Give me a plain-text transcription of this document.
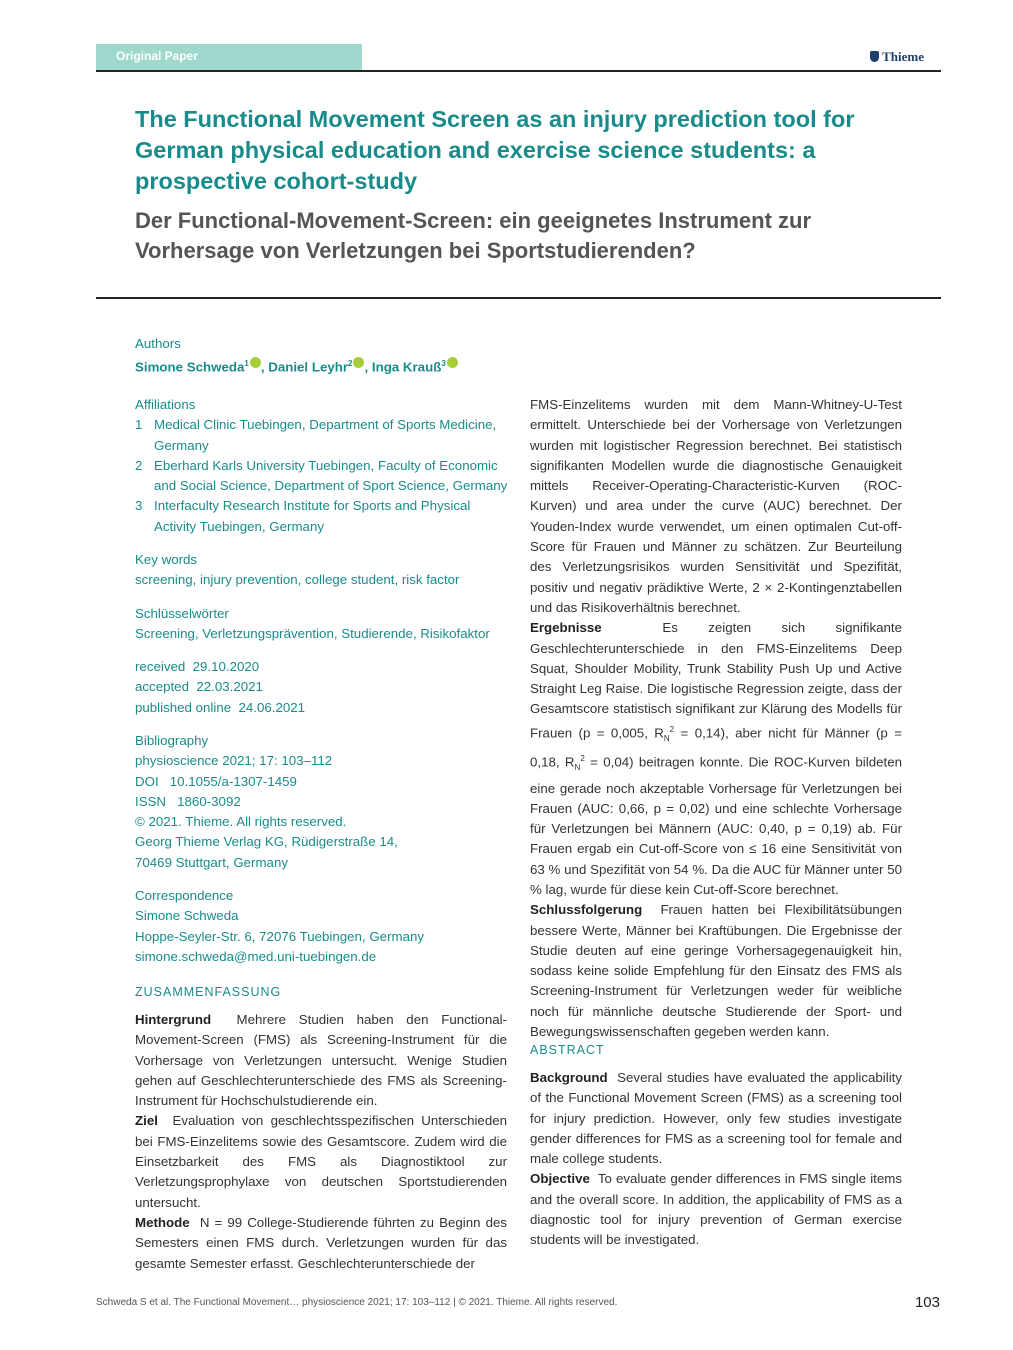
Original Paper	Thieme
The Functional Movement Screen as an injury prediction tool for German physical education and exercise science students: a prospective cohort-study
Der Functional-Movement-Screen: ein geeignetes Instrument zur Vorhersage von Verletzungen bei Sportstudierenden?
Authors
Simone Schweda$^1$ , Daniel Leyhr$^2$ , Inga Krauß$^3$
Affiliations
1 Medical Clinic Tuebingen, Department of Sports Medicine, Germany
2 Eberhard Karls University Tuebingen, Faculty of Economic and Social Science, Department of Sport Science, Germany
3 Interfaculty Research Institute for Sports and Physical Activity Tuebingen, Germany
Key words
screening, injury prevention, college student, risk factor
Schlüsselwörter
Screening, Verletzungsprävention, Studierende, Risikofaktor
received 29.10.2020
accepted 22.03.2021
published online 24.06.2021
Bibliography
physioscience 2021; 17: 103–112
DOI 10.1055/a-1307-1459
ISSN 1860-3092
© 2021. Thieme. All rights reserved.
Georg Thieme Verlag KG, Rüdigerstraße 14,
70469 Stuttgart, Germany
Correspondence
Simone Schweda
Hoppe-Seyler-Str. 6, 72076 Tuebingen, Germany
simone.schweda@med.uni-tuebingen.de
ZUSAMMENFASSUNG

Hintergrund Mehrere Studien haben den Functional-Movement-Screen (FMS) als Screening-Instrument für die Vorhersage von Verletzungen untersucht. Wenige Studien gehen auf Geschlechterunterschiede des FMS als Screening-Instrument für Hochschulstudierende ein.

Ziel Evaluation von geschlechtsspezifischen Unterschieden bei FMS-Einzelitems sowie des Gesamtscore. Zudem wird die Einsetzbarkeit des FMS als Diagnostiktool zur Verletzungsprophylaxe von deutschen Sportstudierenden untersucht.

Methode N = 99 College-Studierende führten zu Beginn des Semesters einen FMS durch. Verletzungen wurden für das gesamte Semester erfasst. Geschlechterunterschiede der

FMS-Einzelitems wurden mit dem Mann-Whitney-U-Test ermittelt. Unterschiede bei der Vorhersage von Verletzungen wurden mit logistischer Regression berechnet. Bei statistisch signifikanten Modellen wurde die diagnostische Genauigkeit mittels Receiver-Operating-Characteristic-Kurven (ROC-Kurven) und area under the curve (AUC) berechnet. Der Youden-Index wurde verwendet, um einen optimalen Cut-off-Score für Frauen und Männer zu schätzen. Zur Beurteilung des Verletzungsrisikos wurden Sensitivität und Spezifität, positiv und negativ prädiktive Werte, 2 × 2-Kontingenztabellen und das Risikoverhältnis berechnet.

Ergebnisse	Es zeigten sich signifikante Geschlechterunterschiede in den FMS-Einzelitems Deep Squat, Shoulder Mobility, Trunk Stability Push Up und Active Straight Leg Raise. Die logistische Regression zeigte, dass der Gesamtscore statistisch signifikant zur Klärung des Modells für Frauen (p = 0,005, $R_N^2 = 0,14$), aber nicht für Männer (p = 0,18, $R_N^2 = 0,04$) beitragen konnte. Die ROC-Kurven bildeten eine gerade noch akzeptable Vorhersage für Verletzungen bei Frauen (AUC: 0,66, p = 0,02) und eine schlechte Vorhersage für Verletzungen bei Männern (AUC: 0,40, p = 0,19) ab. Für Frauen ergab ein Cut-off-Score von ≤ 16 eine Sensitivität von 63 % und Spezifität von 54 %. Da die AUC für Männer unter 50 % lag, wurde für diese kein Cut-off-Score berechnet.

Schlussfolgerung Frauen hatten bei Flexibilitätsübungen bessere Werte, Männer bei Kraftübungen. Die Ergebnisse der Studie deuten auf eine geringe Vorhersagegenauigkeit hin, sodass keine solide Empfehlung für den Einsatz des FMS als Screening-Instrument für Verletzungen weder für weibliche noch für männliche deutsche Studierende der Sport- und Bewegungswissenschaften gegeben werden kann.

ABSTRACT

Background Several studies have evaluated the applicability of the Functional Movement Screen (FMS) as a screening tool for injury prediction. However, only few studies investigate gender differences for FMS as a screening tool for female and male college students.

Objective To evaluate gender differences in FMS single items and the overall score. In addition, the applicability of FMS as a diagnostic tool for injury prevention of German exercise students will be investigated.

Schweda S et al. The Functional Movement… physioscience 2021; 17: 103–112 | © 2021. Thieme. All rights reserved.	103
